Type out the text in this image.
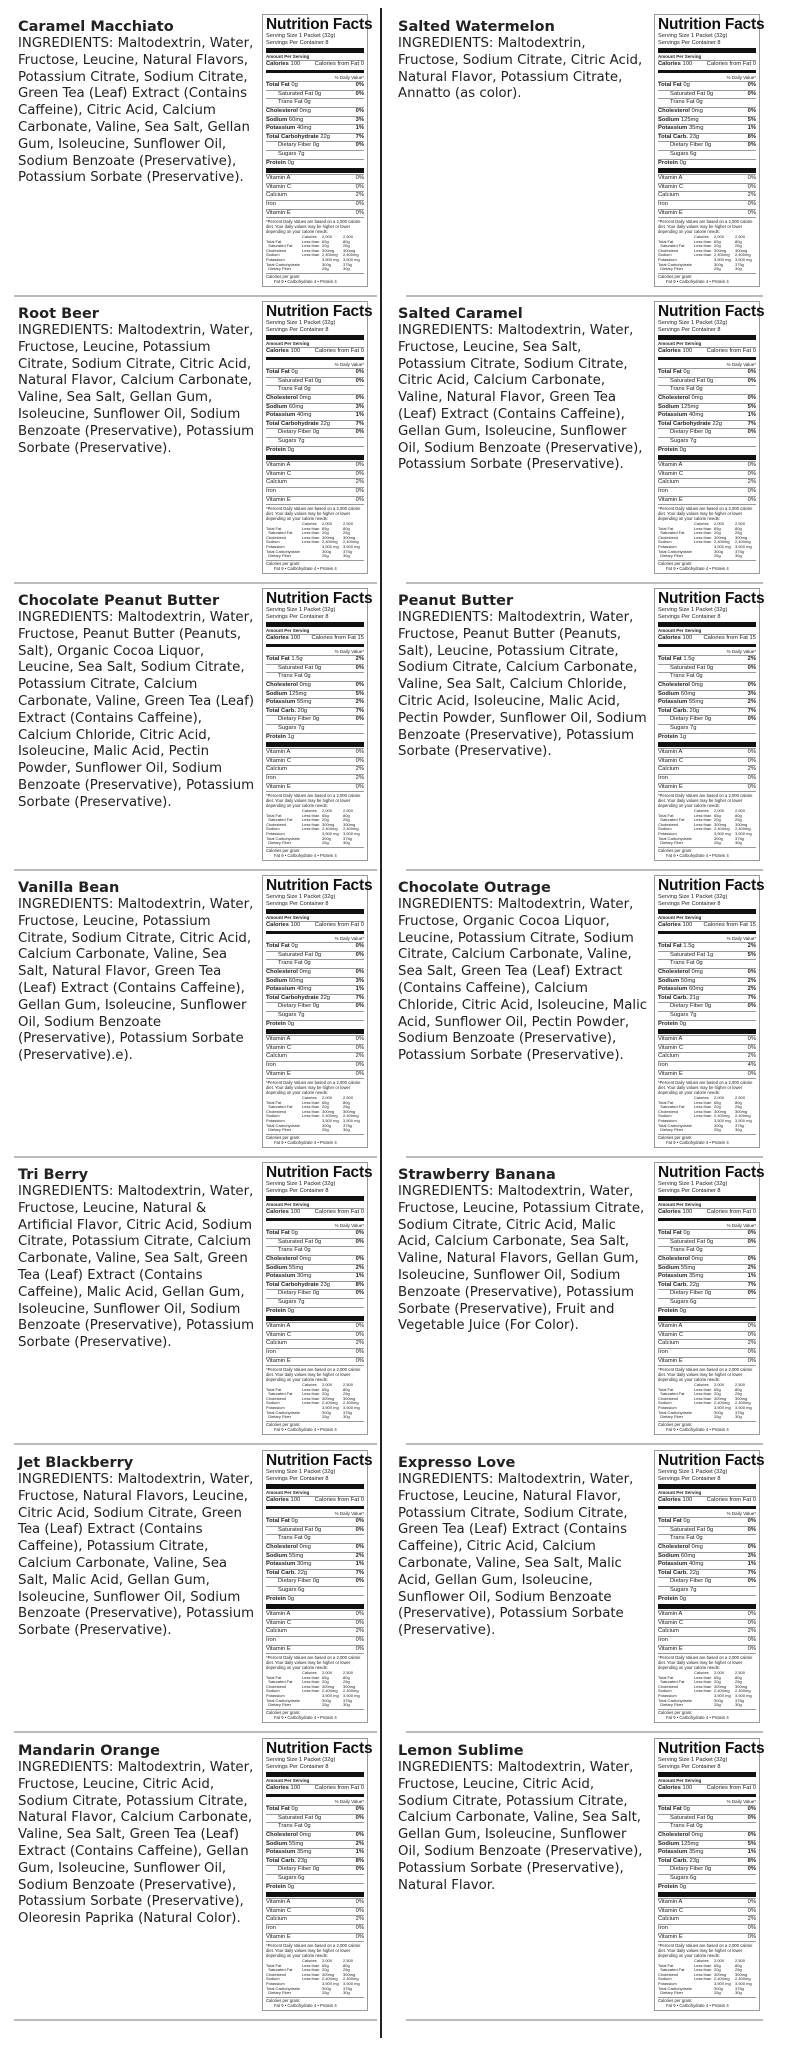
Caramel Macchiato
INGREDIENTS: Maltodextrin, Water, Fructose, Leucine, Natural Flavors, Potassium Citrate, Sodium Citrate, Green Tea (Leaf) Extract (Contains Caffeine), Citric Acid, Calcium Carbonate, Valine, Sea Salt, Gellan Gum, Isoleucine, Sunflower Oil, Sodium Benzoate (Preservative), Potassium Sorbate (Preservative).
Nutrition Facts
Serving Size 1 Packet (32g)
Servings Per Container 8
Amount Per Serving
Calories 100 Calories from Fat 0
% Daily Value*
Total Fat 0g	0%
Saturated Fat 0g	0%
Trans Fat 0g
Cholesterol 0mg	0%
Sodium 60mg	3%
Potassium 40mg	1%
Total Carbohydrate 22g	7%
Dietary Fiber 0g	0%
Sugars 7g
Protein 0g
Vitamin A	0%
Vitamin C	0%
Calcium	2%
Iron	0%
Vitamin E	0%
*Percent Daily Values are based on a 2,000 calorie diet. Your daily values may be higher or lower depending on your calorie needs:
Calories	2,000	2,500
Total Fat	Less than 65g	80g
Saturated Fat	Less than 20g	25g
Cholesterol	Less than 300mg	300mg
Sodium	Less than 2,400mg	2,400mg
Potassium	3,500 mg	3,500 mg
Total Carbohydrate	300g	375g
Dietary Fiber	25g	30g
Calories per gram:
Fat 9 • Carbohydrate 4 • Protein 4
Salted Watermelon
INGREDIENTS: Maltodextrin, Fructose, Sodium Citrate, Citric Acid, Natural Flavor, Potassium Citrate, Annatto (as color).
Nutrition Facts
Serving Size 1 Packet (32g)
Servings Per Container 8
Amount Per Serving
Calories 100 Calories from Fat 0
% Daily Value*
Total Fat 0g	0%
Saturated Fat 0g	0%
Trans Fat 0g
Cholesterol 0mg	0%
Sodium 125mg	5%
Potassium 35mg	1%
Total Carb. 23g	8%
Dietary Fiber 0g	0%
Sugars 6g
Protein 0g
Vitamin A	0%
Vitamin C	0%
Calcium	2%
Iron	0%
Vitamin E	0%
*Percent Daily Values are based on a 2,000 calorie diet. Your daily values may be higher or lower depending on your calorie needs:
Calories	2,000	2,500
Total Fat	Less than 65g	80g
Saturated Fat	Less than 20g	25g
Cholesterol	Less than 300mg	300mg
Sodium	Less than 2,400mg	2,400mg
Potassium	3,500 mg	3,500 mg
Total Carbohydrate	300g	375g
Dietary Fiber	25g	30g
Calories per gram:
Fat 9 • Carbohydrate 4 • Protein 4
Root Beer
INGREDIENTS: Maltodextrin, Water, Fructose, Leucine, Potassium Citrate, Sodium Citrate, Citric Acid, Natural Flavor, Calcium Carbonate, Valine, Sea Salt, Gellan Gum, Isoleucine, Sunflower Oil, Sodium Benzoate (Preservative), Potassium Sorbate (Preservative).
Nutrition Facts
Serving Size 1 Packet (32g)
Servings Per Container 8
Amount Per Serving
Calories 100 Calories from Fat 0
% Daily Value*
Total Fat 0g	0%
Saturated Fat 0g	0%
Trans Fat 0g
Cholesterol 0mg	0%
Sodium 60mg	3%
Potassium 40mg	1%
Total Carbohydrate 22g	7%
Dietary Fiber 0g	0%
Sugars 7g
Protein 0g
Vitamin A	0%
Vitamin C	0%
Calcium	2%
Iron	0%
Vitamin E	0%
*Percent Daily Values are based on a 2,000 calorie diet. Your daily values may be higher or lower depending on your calorie needs:
Calories	2,000	2,500
Total Fat	Less than 65g	80g
Saturated Fat	Less than 20g	25g
Cholesterol	Less than 300mg	300mg
Sodium	Less than 2,400mg	2,400mg
Potassium	3,500 mg	3,500 mg
Total Carbohydrate	300g	375g
Dietary Fiber	25g	30g
Calories per gram:
Fat 9 • Carbohydrate 4 • Protein 4
Salted Caramel
INGREDIENTS: Maltodextrin, Water, Fructose, Leucine, Sea Salt, Potassium Citrate, Sodium Citrate, Citric Acid, Calcium Carbonate, Valine, Natural Flavor, Green Tea (Leaf) Extract (Contains Caffeine), Gellan Gum, Isoleucine, Sunflower Oil, Sodium Benzoate (Preservative), Potassium Sorbate (Preservative).
Nutrition Facts
Serving Size 1 Packet (32g)
Servings Per Container 8
Amount Per Serving
Calories 100 Calories from Fat 0
% Daily Value*
Total Fat 0g	0%
Saturated Fat 0g	0%
Trans Fat 0g
Cholesterol 0mg	0%
Sodium 125mg	5%
Potassium 40mg	1%
Total Carbohydrate 22g	7%
Dietary Fiber 0g	0%
Sugars 7g
Protein 0g
Vitamin A	0%
Vitamin C	0%
Calcium	2%
Iron	0%
Vitamin E	0%
*Percent Daily Values are based on a 2,000 calorie diet. Your daily values may be higher or lower depending on your calorie needs:
Calories	2,000	2,500
Total Fat	Less than 65g	80g
Saturated Fat	Less than 20g	25g
Cholesterol	Less than 300mg	300mg
Sodium	Less than 2,400mg	2,400mg
Potassium	3,500 mg	3,500 mg
Total Carbohydrate	300g	375g
Dietary Fiber	25g	30g
Calories per gram:
Fat 9 • Carbohydrate 4 • Protein 4
Chocolate Peanut Butter
INGREDIENTS: Maltodextrin, Water, Fructose, Peanut Butter (Peanuts, Salt), Organic Cocoa Liquor, Leucine, Sea Salt, Sodium Citrate, Potassium Citrate, Calcium Carbonate, Valine, Green Tea (Leaf) Extract (Contains Caffeine), Calcium Chloride, Citric Acid, Isoleucine, Malic Acid, Pectin Powder, Sunflower Oil, Sodium Benzoate (Preservative), Potassium Sorbate (Preservative).
Nutrition Facts
Serving Size 1 Packet (32g)
Servings Per Container 8
Amount Per Serving
Calories 100 Calories from Fat 15
% Daily Value*
Total Fat 1.5g	2%
Saturated Fat 0g	0%
Trans Fat 0g
Cholesterol 0mg	0%
Sodium 125mg	5%
Potassium 55mg	2%
Total Carb. 20g	7%
Dietary Fiber 0g	0%
Sugars 7g
Protein 1g
Vitamin A	0%
Vitamin C	0%
Calcium	2%
Iron	2%
Vitamin E	0%
*Percent Daily Values are based on a 2,000 calorie diet. Your daily values may be higher or lower depending on your calorie needs:
Calories	2,000	2,500
Total Fat	Less than 65g	80g
Saturated Fat	Less than 20g	25g
Cholesterol	Less than 300mg	300mg
Sodium	Less than 2,400mg	2,400mg
Potassium	3,500 mg	3,500 mg
Total Carbohydrate	300g	375g
Dietary Fiber	25g	30g
Calories per gram:
Fat 9 • Carbohydrate 4 • Protein 4
Peanut Butter
INGREDIENTS: Maltodextrin, Water, Fructose, Peanut Butter (Peanuts, Salt), Leucine, Potassium Citrate, Sodium Citrate, Calcium Carbonate, Valine, Sea Salt, Calcium Chloride, Citric Acid, Isoleucine, Malic Acid, Pectin Powder, Sunflower Oil, Sodium Benzoate (Preservative), Potassium Sorbate (Preservative).
Nutrition Facts
Serving Size 1 Packet (32g)
Servings Per Container 8
Amount Per Serving
Calories 100 Calories from Fat 15
% Daily Value*
Total Fat 1.5g	2%
Saturated Fat 0g	0%
Trans Fat 0g
Cholesterol 0mg	0%
Sodium 60mg	3%
Potassium 55mg	2%
Total Carb. 20g	7%
Dietary Fiber 0g	0%
Sugars 7g
Protein 1g
Vitamin A	0%
Vitamin C	0%
Calcium	2%
Iron	0%
Vitamin E	0%
*Percent Daily Values are based on a 2,000 calorie diet. Your daily values may be higher or lower depending on your calorie needs:
Calories	2,000	2,500
Total Fat	Less than 65g	80g
Saturated Fat	Less than 20g	25g
Cholesterol	Less than 300mg	300mg
Sodium	Less than 2,400mg	2,400mg
Potassium	3,500 mg	3,500 mg
Total Carbohydrate	300g	375g
Dietary Fiber	25g	30g
Calories per gram:
Fat 9 • Carbohydrate 4 • Protein 4
Vanilla Bean
INGREDIENTS: Maltodextrin, Water, Fructose, Leucine, Potassium Citrate, Sodium Citrate, Citric Acid, Calcium Carbonate, Valine, Sea Salt, Natural Flavor, Green Tea (Leaf) Extract (Contains Caffeine), Gellan Gum, Isoleucine, Sunflower Oil, Sodium Benzoate (Preservative), Potassium Sorbate (Preservative).e).
Nutrition Facts
Serving Size 1 Packet (32g)
Servings Per Container 8
Amount Per Serving
Calories 100 Calories from Fat 0
% Daily Value*
Total Fat 0g	0%
Saturated Fat 0g	0%
Trans Fat 0g
Cholesterol 0mg	0%
Sodium 60mg	3%
Potassium 40mg	1%
Total Carbohydrate 22g	7%
Dietary Fiber 0g	0%
Sugars 7g
Protein 0g
Vitamin A	0%
Vitamin C	0%
Calcium	2%
Iron	0%
Vitamin E	0%
*Percent Daily Values are based on a 2,000 calorie diet. Your daily values may be higher or lower depending on your calorie needs:
Calories	2,000	2,500
Total Fat	Less than 65g	80g
Saturated Fat	Less than 20g	25g
Cholesterol	Less than 300mg	300mg
Sodium	Less than 2,400mg	2,400mg
Potassium	3,500 mg	3,500 mg
Total Carbohydrate	300g	375g
Dietary Fiber	25g	30g
Calories per gram:
Fat 9 • Carbohydrate 4 • Protein 4
Chocolate Outrage
INGREDIENTS: Maltodextrin, Water, Fructose, Organic Cocoa Liquor, Leucine, Potassium Citrate, Sodium Citrate, Calcium Carbonate, Valine, Sea Salt, Green Tea (Leaf) Extract (Contains Caffeine), Calcium Chloride, Citric Acid, Isoleucine, Malic Acid, Sunflower Oil, Pectin Powder, Sodium Benzoate (Preservative), Potassium Sorbate (Preservative).
Nutrition Facts
Serving Size 1 Packet (32g)
Servings Per Container 8
Amount Per Serving
Calories 100 Calories from Fat 15
% Daily Value*
Total Fat 1.5g	2%
Saturated Fat 1g	5%
Trans Fat 0g
Cholesterol 0mg	0%
Sodium 50mg	2%
Potassium 60mg	2%
Total Carb. 21g	7%
Dietary Fiber 0g	0%
Sugars 7g
Protein 0g
Vitamin A	0%
Vitamin C	0%
Calcium	2%
Iron	4%
Vitamin E	0%
*Percent Daily Values are based on a 2,000 calorie diet. Your daily values may be higher or lower depending on your calorie needs:
Calories	2,000	2,500
Total Fat	Less than 65g	80g
Saturated Fat	Less than 20g	25g
Cholesterol	Less than 300mg	300mg
Sodium	Less than 2,400mg	2,400mg
Potassium	3,500 mg	3,500 mg
Total Carbohydrate	300g	375g
Dietary Fiber	25g	30g
Calories per gram:
Fat 9 • Carbohydrate 4 • Protein 4
Tri Berry
INGREDIENTS: Maltodextrin, Water, Fructose, Leucine, Natural & Artificial Flavor, Citric Acid, Sodium Citrate, Potassium Citrate, Calcium Carbonate, Valine, Sea Salt, Green Tea (Leaf) Extract (Contains Caffeine), Malic Acid, Gellan Gum, Isoleucine, Sunflower Oil, Sodium Benzoate (Preservative), Potassium Sorbate (Preservative).
Nutrition Facts
Serving Size 1 Packet (32g)
Servings Per Container 8
Amount Per Serving
Calories 100 Calories from Fat 0
% Daily Value*
Total Fat 0g	0%
Saturated Fat 0g	0%
Trans Fat 0g
Cholesterol 0mg	0%
Sodium 55mg	2%
Potassium 30mg	1%
Total Carbohydrate 23g	8%
Dietary Fiber 0g	0%
Sugars 7g
Protein 0g
Vitamin A	0%
Vitamin C	0%
Calcium	2%
Iron	0%
Vitamin E	0%
*Percent Daily Values are based on a 2,000 calorie diet. Your daily values may be higher or lower depending on your calorie needs:
Calories	2,000	2,500
Total Fat	Less than 65g	80g
Saturated Fat	Less than 20g	25g
Cholesterol	Less than 300mg	300mg
Sodium	Less than 2,400mg	2,400mg
Potassium	3,500 mg	3,500 mg
Total Carbohydrate	300g	375g
Dietary Fiber	25g	30g
Calories per gram:
Fat 9 • Carbohydrate 4 • Protein 4
Strawberry Banana
INGREDIENTS: Maltodextrin, Water, Fructose, Leucine, Potassium Citrate, Sodium Citrate, Citric Acid, Malic Acid, Calcium Carbonate, Sea Salt, Valine, Natural Flavors, Gellan Gum, Isoleucine, Sunflower Oil, Sodium Benzoate (Preservative), Potassium Sorbate (Preservative), Fruit and Vegetable Juice (For Color).
Nutrition Facts
Serving Size 1 Packet (32g)
Servings Per Container 8
Amount Per Serving
Calories 100 Calories from Fat 0
% Daily Value*
Total Fat 0g	0%
Saturated Fat 0g	0%
Trans Fat 0g
Cholesterol 0mg	0%
Sodium 55mg	2%
Potassium 35mg	1%
Total Carb. 22g	7%
Dietary Fiber 0g	0%
Sugars 6g
Protein 0g
Vitamin A	0%
Vitamin C	0%
Calcium	2%
Iron	0%
Vitamin E	0%
*Percent Daily Values are based on a 2,000 calorie diet. Your daily values may be higher or lower depending on your calorie needs:
Calories	2,000	2,500
Total Fat	Less than 65g	80g
Saturated Fat	Less than 20g	25g
Cholesterol	Less than 300mg	300mg
Sodium	Less than 2,400mg	2,400mg
Potassium	3,500 mg	3,500 mg
Total Carbohydrate	300g	375g
Dietary Fiber	25g	30g
Calories per gram:
Fat 9 • Carbohydrate 4 • Protein 4
Jet Blackberry
INGREDIENTS: Maltodextrin, Water, Fructose, Natural Flavors, Leucine, Citric Acid, Sodium Citrate, Green Tea (Leaf) Extract (Contains Caffeine), Potassium Citrate, Calcium Carbonate, Valine, Sea Salt, Malic Acid, Gellan Gum, Isoleucine, Sunflower Oil, Sodium Benzoate (Preservative), Potassium Sorbate (Preservative).
Nutrition Facts
Serving Size 1 Packet (32g)
Servings Per Container 8
Amount Per Serving
Calories 100 Calories from Fat 0
% Daily Value*
Total Fat 0g	0%
Saturated Fat 0g	0%
Trans Fat 0g
Cholesterol 0mg	0%
Sodium 55mg	2%
Potassium 30mg	1%
Total Carb. 22g	7%
Dietary Fiber 0g	0%
Sugars 6g
Protein 0g
Vitamin A	0%
Vitamin C	0%
Calcium	2%
Iron	0%
Vitamin E	0%
*Percent Daily Values are based on a 2,000 calorie diet. Your daily values may be higher or lower depending on your calorie needs:
Calories	2,000	2,500
Total Fat	Less than 65g	80g
Saturated Fat	Less than 20g	25g
Cholesterol	Less than 300mg	300mg
Sodium	Less than 2,400mg	2,400mg
Potassium	3,500 mg	3,500 mg
Total Carbohydrate	300g	375g
Dietary Fiber	25g	30g
Calories per gram:
Fat 9 • Carbohydrate 4 • Protein 4
Expresso Love
INGREDIENTS: Maltodextrin, Water, Fructose, Leucine, Natural Flavor, Potassium Citrate, Sodium Citrate, Green Tea (Leaf) Extract (Contains Caffeine), Citric Acid, Calcium Carbonate, Valine, Sea Salt, Malic Acid, Gellan Gum, Isoleucine, Sunflower Oil, Sodium Benzoate (Preservative), Potassium Sorbate (Preservative).
Nutrition Facts
Serving Size 1 Packet (32g)
Servings Per Container 8
Amount Per Serving
Calories 100 Calories from Fat 0
% Daily Value*
Total Fat 0g	0%
Saturated Fat 0g	0%
Trans Fat 0g
Cholesterol 0mg	0%
Sodium 60mg	3%
Potassium 40mg	1%
Total Carb. 22g	7%
Dietary Fiber 0g	0%
Sugars 7g
Protein 0g
Vitamin A	0%
Vitamin C	0%
Calcium	2%
Iron	0%
Vitamin E	0%
*Percent Daily Values are based on a 2,000 calorie diet. Your daily values may be higher or lower depending on your calorie needs:
Calories	2,000	2,500
Total Fat	Less than 65g	80g
Saturated Fat	Less than 20g	25g
Cholesterol	Less than 300mg	300mg
Sodium	Less than 2,400mg	2,400mg
Potassium	3,500 mg	3,500 mg
Total Carbohydrate	300g	375g
Dietary Fiber	25g	30g
Calories per gram:
Fat 9 • Carbohydrate 4 • Protein 4
Mandarin Orange
INGREDIENTS: Maltodextrin, Water, Fructose, Leucine, Citric Acid, Sodium Citrate, Potassium Citrate, Natural Flavor, Calcium Carbonate, Valine, Sea Salt, Green Tea (Leaf) Extract (Contains Caffeine), Gellan Gum, Isoleucine, Sunflower Oil, Sodium Benzoate (Preservative), Potassium Sorbate (Preservative), Oleoresin Paprika (Natural Color).
Nutrition Facts
Serving Size 1 Packet (32g)
Servings Per Container 8
Amount Per Serving
Calories 100 Calories from Fat 0
% Daily Value*
Total Fat 0g	0%
Saturated Fat 0g	0%
Trans Fat 0g
Cholesterol 0mg	0%
Sodium 55mg	2%
Potassium 35mg	1%
Total Carb. 23g	8%
Dietary Fiber 0g	0%
Sugars 6g
Protein 0g
Vitamin A	0%
Vitamin C	0%
Calcium	2%
Iron	0%
Vitamin E	0%
*Percent Daily Values are based on a 2,000 calorie diet. Your daily values may be higher or lower depending on your calorie needs:
Calories	2,000	2,500
Total Fat	Less than 65g	80g
Saturated Fat	Less than 20g	25g
Cholesterol	Less than 300mg	300mg
Sodium	Less than 2,400mg	2,400mg
Potassium	3,500 mg	3,500 mg
Total Carbohydrate	300g	375g
Dietary Fiber	25g	30g
Calories per gram:
Fat 9 • Carbohydrate 4 • Protein 4
Lemon Sublime
INGREDIENTS: Maltodextrin, Water, Fructose, Leucine, Citric Acid, Sodium Citrate, Potassium Citrate, Calcium Carbonate, Valine, Sea Salt, Gellan Gum, Isoleucine, Sunflower Oil, Sodium Benzoate (Preservative), Potassium Sorbate (Preservative), Natural Flavor.
Nutrition Facts
Serving Size 1 Packet (32g)
Servings Per Container 8
Amount Per Serving
Calories 100 Calories from Fat 0
% Daily Value*
Total Fat 0g	0%
Saturated Fat 0g	0%
Trans Fat 0g
Cholesterol 0mg	0%
Sodium 125mg	5%
Potassium 35mg	1%
Total Carb. 23g	8%
Dietary Fiber 0g	0%
Sugars 6g
Protein 0g
Vitamin A	0%
Vitamin C	0%
Calcium	2%
Iron	0%
Vitamin E	0%
*Percent Daily Values are based on a 2,000 calorie diet. Your daily values may be higher or lower depending on your calorie needs:
Calories	2,000	2,500
Total Fat	Less than 65g	80g
Saturated Fat	Less than 20g	25g
Cholesterol	Less than 300mg	300mg
Sodium	Less than 2,400mg	2,400mg
Potassium	3,500 mg	3,500 mg
Total Carbohydrate	300g	375g
Dietary Fiber	25g	30g
Calories per gram:
Fat 9 • Carbohydrate 4 • Protein 4
